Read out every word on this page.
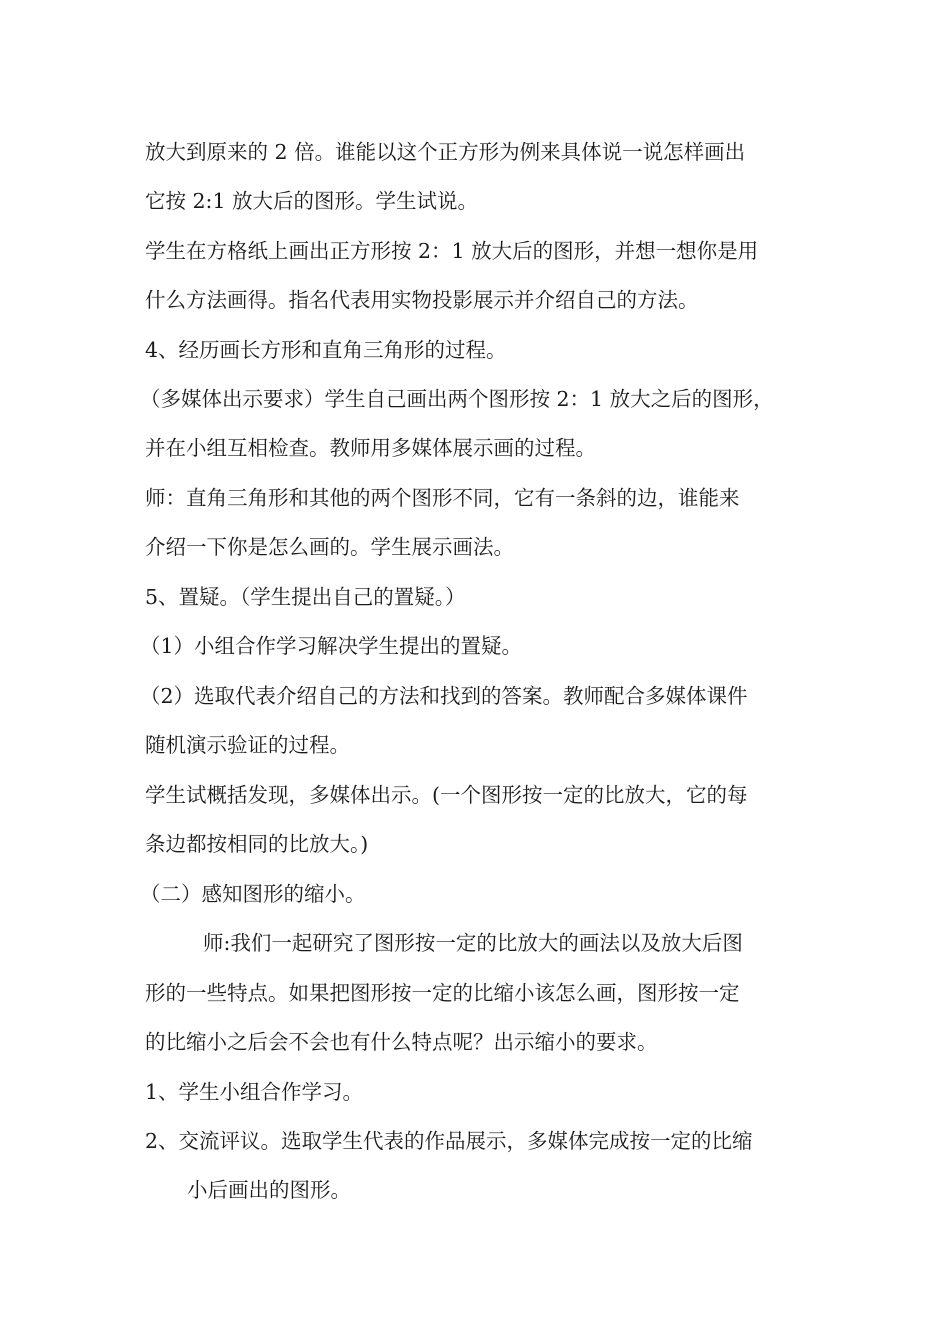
放大到原来的 2 倍。谁能以这个正方形为例来具体说一说怎样画出
它按 2:1 放大后的图形。学生试说。
学生在方格纸上画出正方形按 2：1 放大后的图形，并想一想你是用
什么方法画得。指名代表用实物投影展示并介绍自己的方法。
4、经历画长方形和直角三角形的过程。
（多媒体出示要求）学生自己画出两个图形按 2：1 放大之后的图形，
并在小组互相检查。教师用多媒体展示画的过程。
师：直角三角形和其他的两个图形不同，它有一条斜的边，谁能来
介绍一下你是怎么画的。学生展示画法。
5、置疑。（学生提出自己的置疑。）
（1）小组合作学习解决学生提出的置疑。
（2）选取代表介绍自己的方法和找到的答案。教师配合多媒体课件
随机演示验证的过程。
学生试概括发现，多媒体出示。(一个图形按一定的比放大，它的每
条边都按相同的比放大。)
（二）感知图形的缩小。
师:我们一起研究了图形按一定的比放大的画法以及放大后图
形的一些特点。如果把图形按一定的比缩小该怎么画，图形按一定
的比缩小之后会不会也有什么特点呢？出示缩小的要求。
1、学生小组合作学习。
2、交流评议。选取学生代表的作品展示，多媒体完成按一定的比缩
小后画出的图形。
